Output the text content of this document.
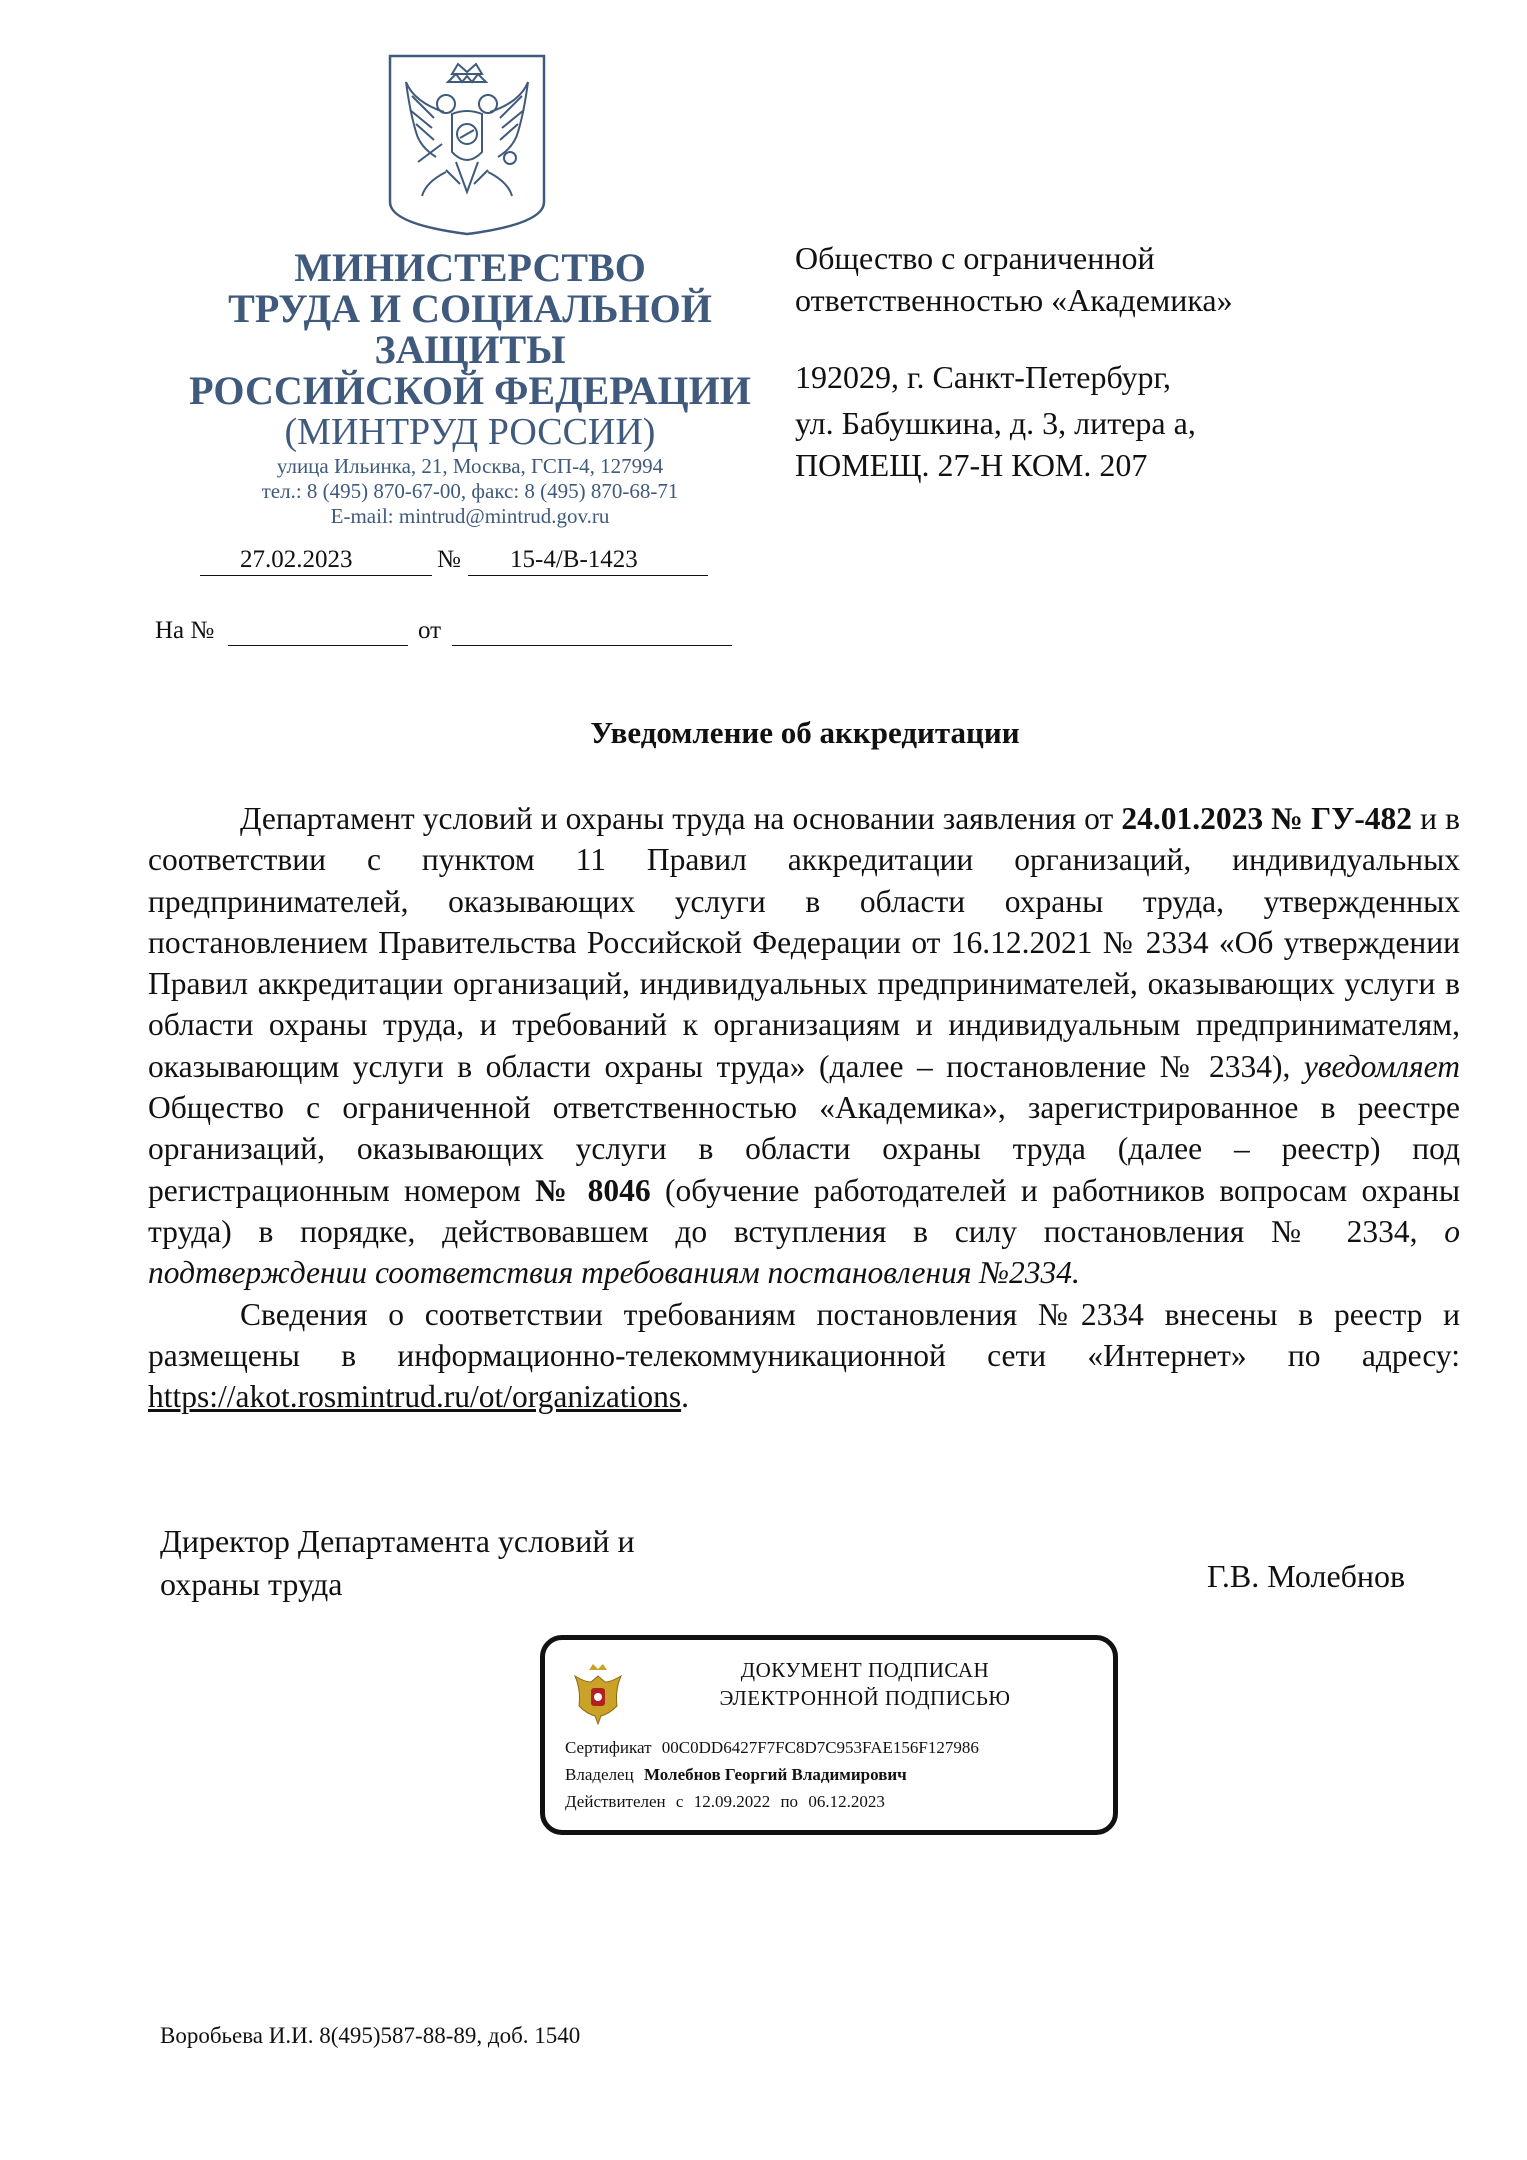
МИНИСТЕРСТВО
ТРУДА И СОЦИАЛЬНОЙ
ЗАЩИТЫ
РОССИЙСКОЙ ФЕДЕРАЦИИ
(МИНТРУД РОССИИ)
улица Ильинка, 21, Москва, ГСП-4, 127994
тел.: 8 (495) 870-67-00, факс: 8 (495) 870-68-71
E-mail: mintrud@mintrud.gov.ru
27.02.2023	№ 15-4/В-1423
На №	от
Общество с ограниченной
ответственностью «Академика»
192029, г. Санкт-Петербург,
ул. Бабушкина, д. 3, литера а,
ПОМЕЩ. 27-Н КОМ. 207
Уведомление об аккредитации

Департамент условий и охраны труда на основании заявления от 24.01.2023 № ГУ-482 и в соответствии с пунктом 11 Правил аккредитации организаций, индивидуальных предпринимателей, оказывающих услуги в области охраны труда, утвержденных постановлением Правительства Российской Федерации от 16.12.2021 № 2334 «Об утверждении Правил аккредитации организаций, индивидуальных предпринимателей, оказывающих услуги в области охраны труда, и требований к организациям и индивидуальным предпринимателям, оказывающим услуги в области охраны труда» (далее – постановление № 2334), уведомляет Общество с ограниченной ответственностью «Академика», зарегистрированное в реестре организаций, оказывающих услуги в области охраны труда (далее – реестр) под регистрационным номером № 8046 (обучение работодателей и работников вопросам охраны труда) в порядке, действовавшем до вступления в силу постановления № 2334, о подтверждении соответствия требованиям постановления №2334.

Сведения о соответствии требованиям постановления №2334 внесены в реестр и размещены в информационно-телекоммуникационной сети «Интернет» по адресу: https://akot.rosmintrud.ru/ot/organizations.

Директор Департамента условий и
охраны труда	Г.В. Молебнов
ДОКУМЕНТ ПОДПИСАН
ЭЛЕКТРОННОЙ ПОДПИСЬЮ
Сертификат 00C0DD6427F7FC8D7C953FAE156F127986
Владелец Молебнов Георгий Владимирович
Действителен с 12.09.2022 по 06.12.2023
Воробьева И.И. 8(495)587-88-89, доб. 1540
